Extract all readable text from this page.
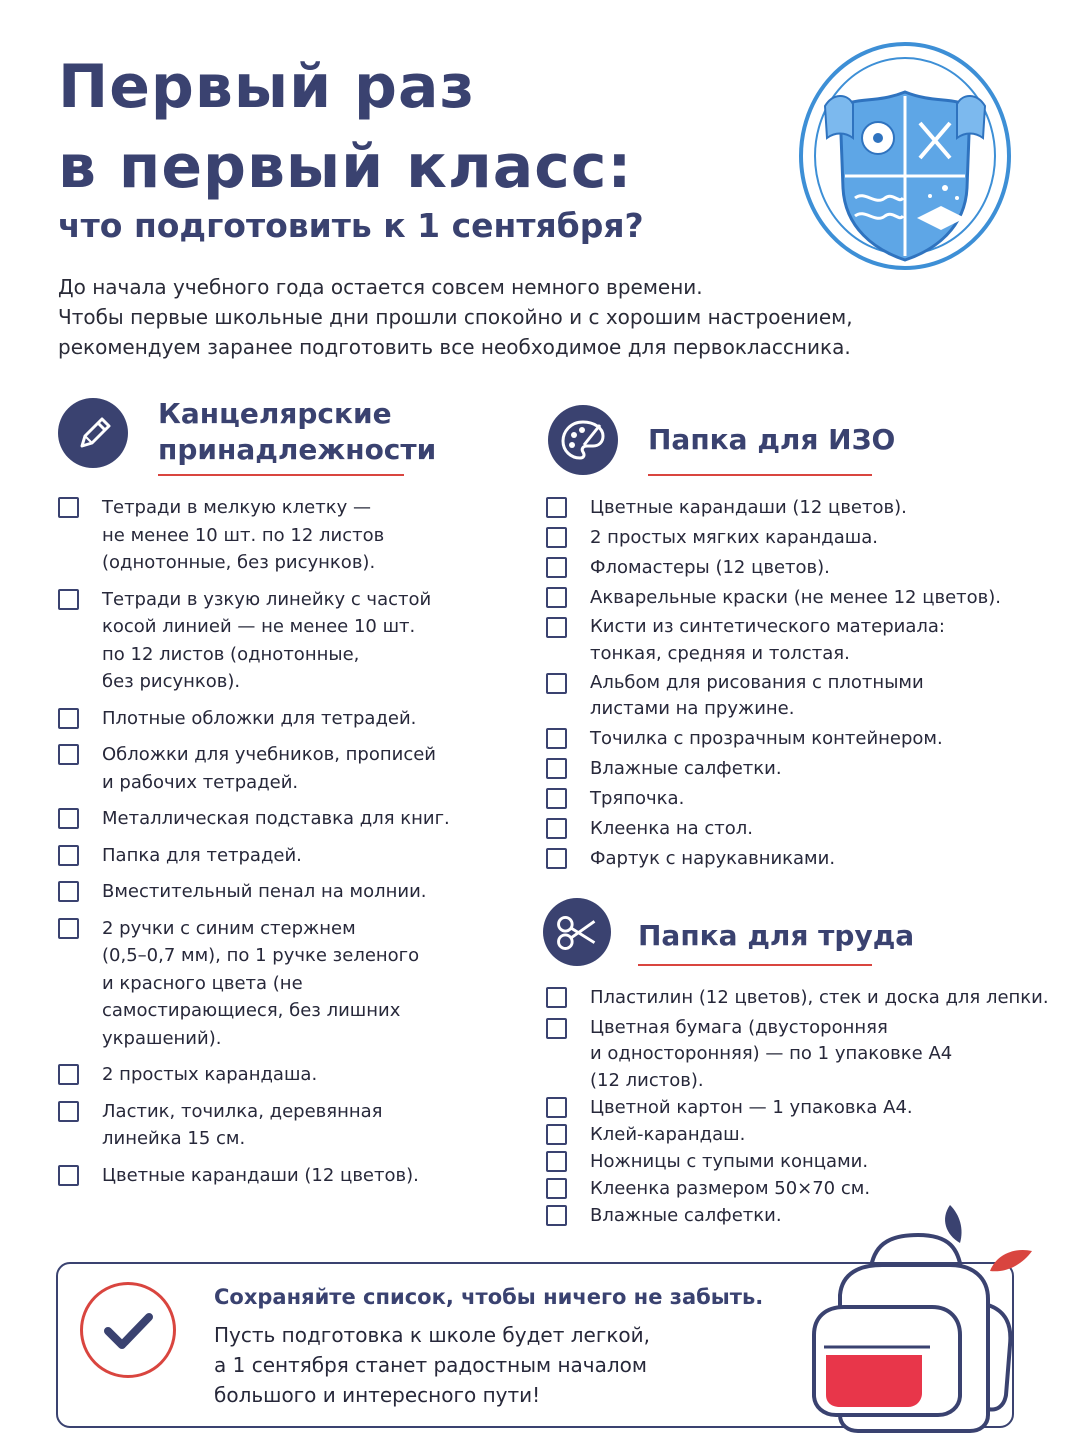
Первый раз
в первый класс:
что подготовить к 1 сентября?
До начала учебного года остается совсем немного времени.
Чтобы первые школьные дни прошли спокойно и с хорошим настроением,
рекомендуем заранее подготовить все необходимое для первоклассника.
Канцелярские
принадлежности
Тетради в мелкую клетку —
не менее 10 шт. по 12 листов
(однотонные, без рисунков).
Тетради в узкую линейку с частой
косой линией — не менее 10 шт.
по 12 листов (однотонные,
без рисунков).
Плотные обложки для тетрадей.
Обложки для учебников, прописей
и рабочих тетрадей.
Металлическая подставка для книг.
Папка для тетрадей.
Вместительный пенал на молнии.
2 ручки с синим стержнем
(0,5–0,7 мм), по 1 ручке зеленого
и красного цвета (не
самостирающиеся, без лишних
украшений).
2 простых карандаша.
Ластик, точилка, деревянная
линейка 15 см.
Цветные карандаши (12 цветов).
Папка для ИЗО
Цветные карандаши (12 цветов).
2 простых мягких карандаша.
Фломастеры (12 цветов).
Акварельные краски (не менее 12 цветов).
Кисти из синтетического материала:
тонкая, средняя и толстая.
Альбом для рисования с плотными
листами на пружине.
Точилка с прозрачным контейнером.
Влажные салфетки.
Тряпочка.
Клеенка на стол.
Фартук с нарукавниками.
Папка для труда
Пластилин (12 цветов), стек и доска для лепки.
Цветная бумага (двусторонняя
и односторонняя) — по 1 упаковке А4
(12 листов).
Цветной картон — 1 упаковка А4.
Клей-карандаш.
Ножницы с тупыми концами.
Клеенка размером 50×70 см.
Влажные салфетки.
Сохраняйте список, чтобы ничего не забыть.
Пусть подготовка к школе будет легкой,
а 1 сентября станет радостным началом
большого и интересного пути!
